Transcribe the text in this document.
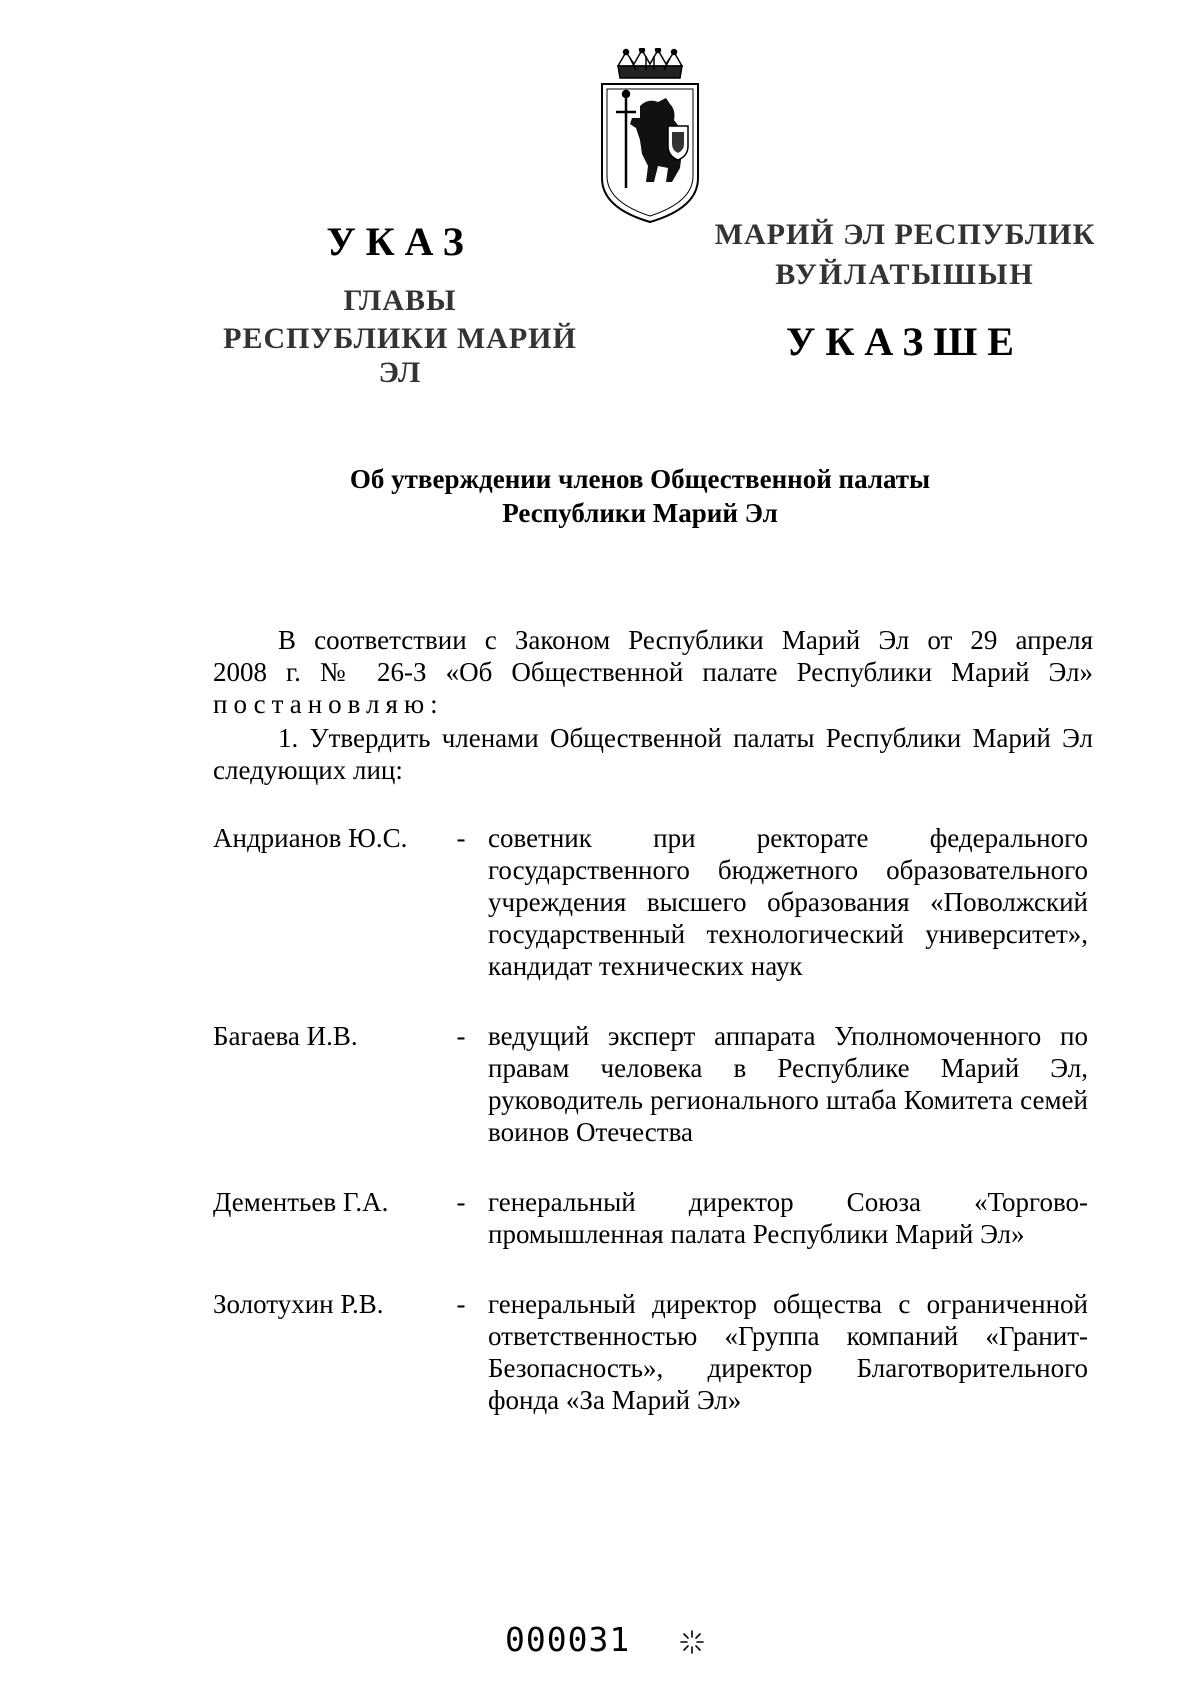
УКАЗ
ГЛАВЫ
РЕСПУБЛИКИ МАРИЙ ЭЛ
МАРИЙ ЭЛ РЕСПУБЛИК
ВУЙЛАТЫШЫН
УКАЗШЕ
Об утверждении членов Общественной палаты
Республики Марий Эл
В соответствии с Законом Республики Марий Эл от 29 апреля
2008 г. № 26-З «Об Общественной палате Республики Марий Эл»
постановляю:
1. Утвердить членами Общественной палаты Республики Марий Эл следующих лиц:
Андрианов Ю.С.	- советник при ректорате федерального государственного бюджетного образовательного учреждения высшего образования «Поволжский государственный технологический университет», кандидат технических наук
Багаева И.В.	- ведущий эксперт аппарата Уполномоченного по правам человека в Республике Марий Эл, руководитель регионального штаба Комитета семей воинов Отечества
Дементьев Г.А.	- генеральный директор Союза «Торгово-промышленная палата Республики Марий Эл»
Золотухин Р.В.	- генеральный директор общества с ограниченной ответственностью «Группа компаний «Гранит-Безопасность», директор Благотворительного фонда «За Марий Эл»
000031
